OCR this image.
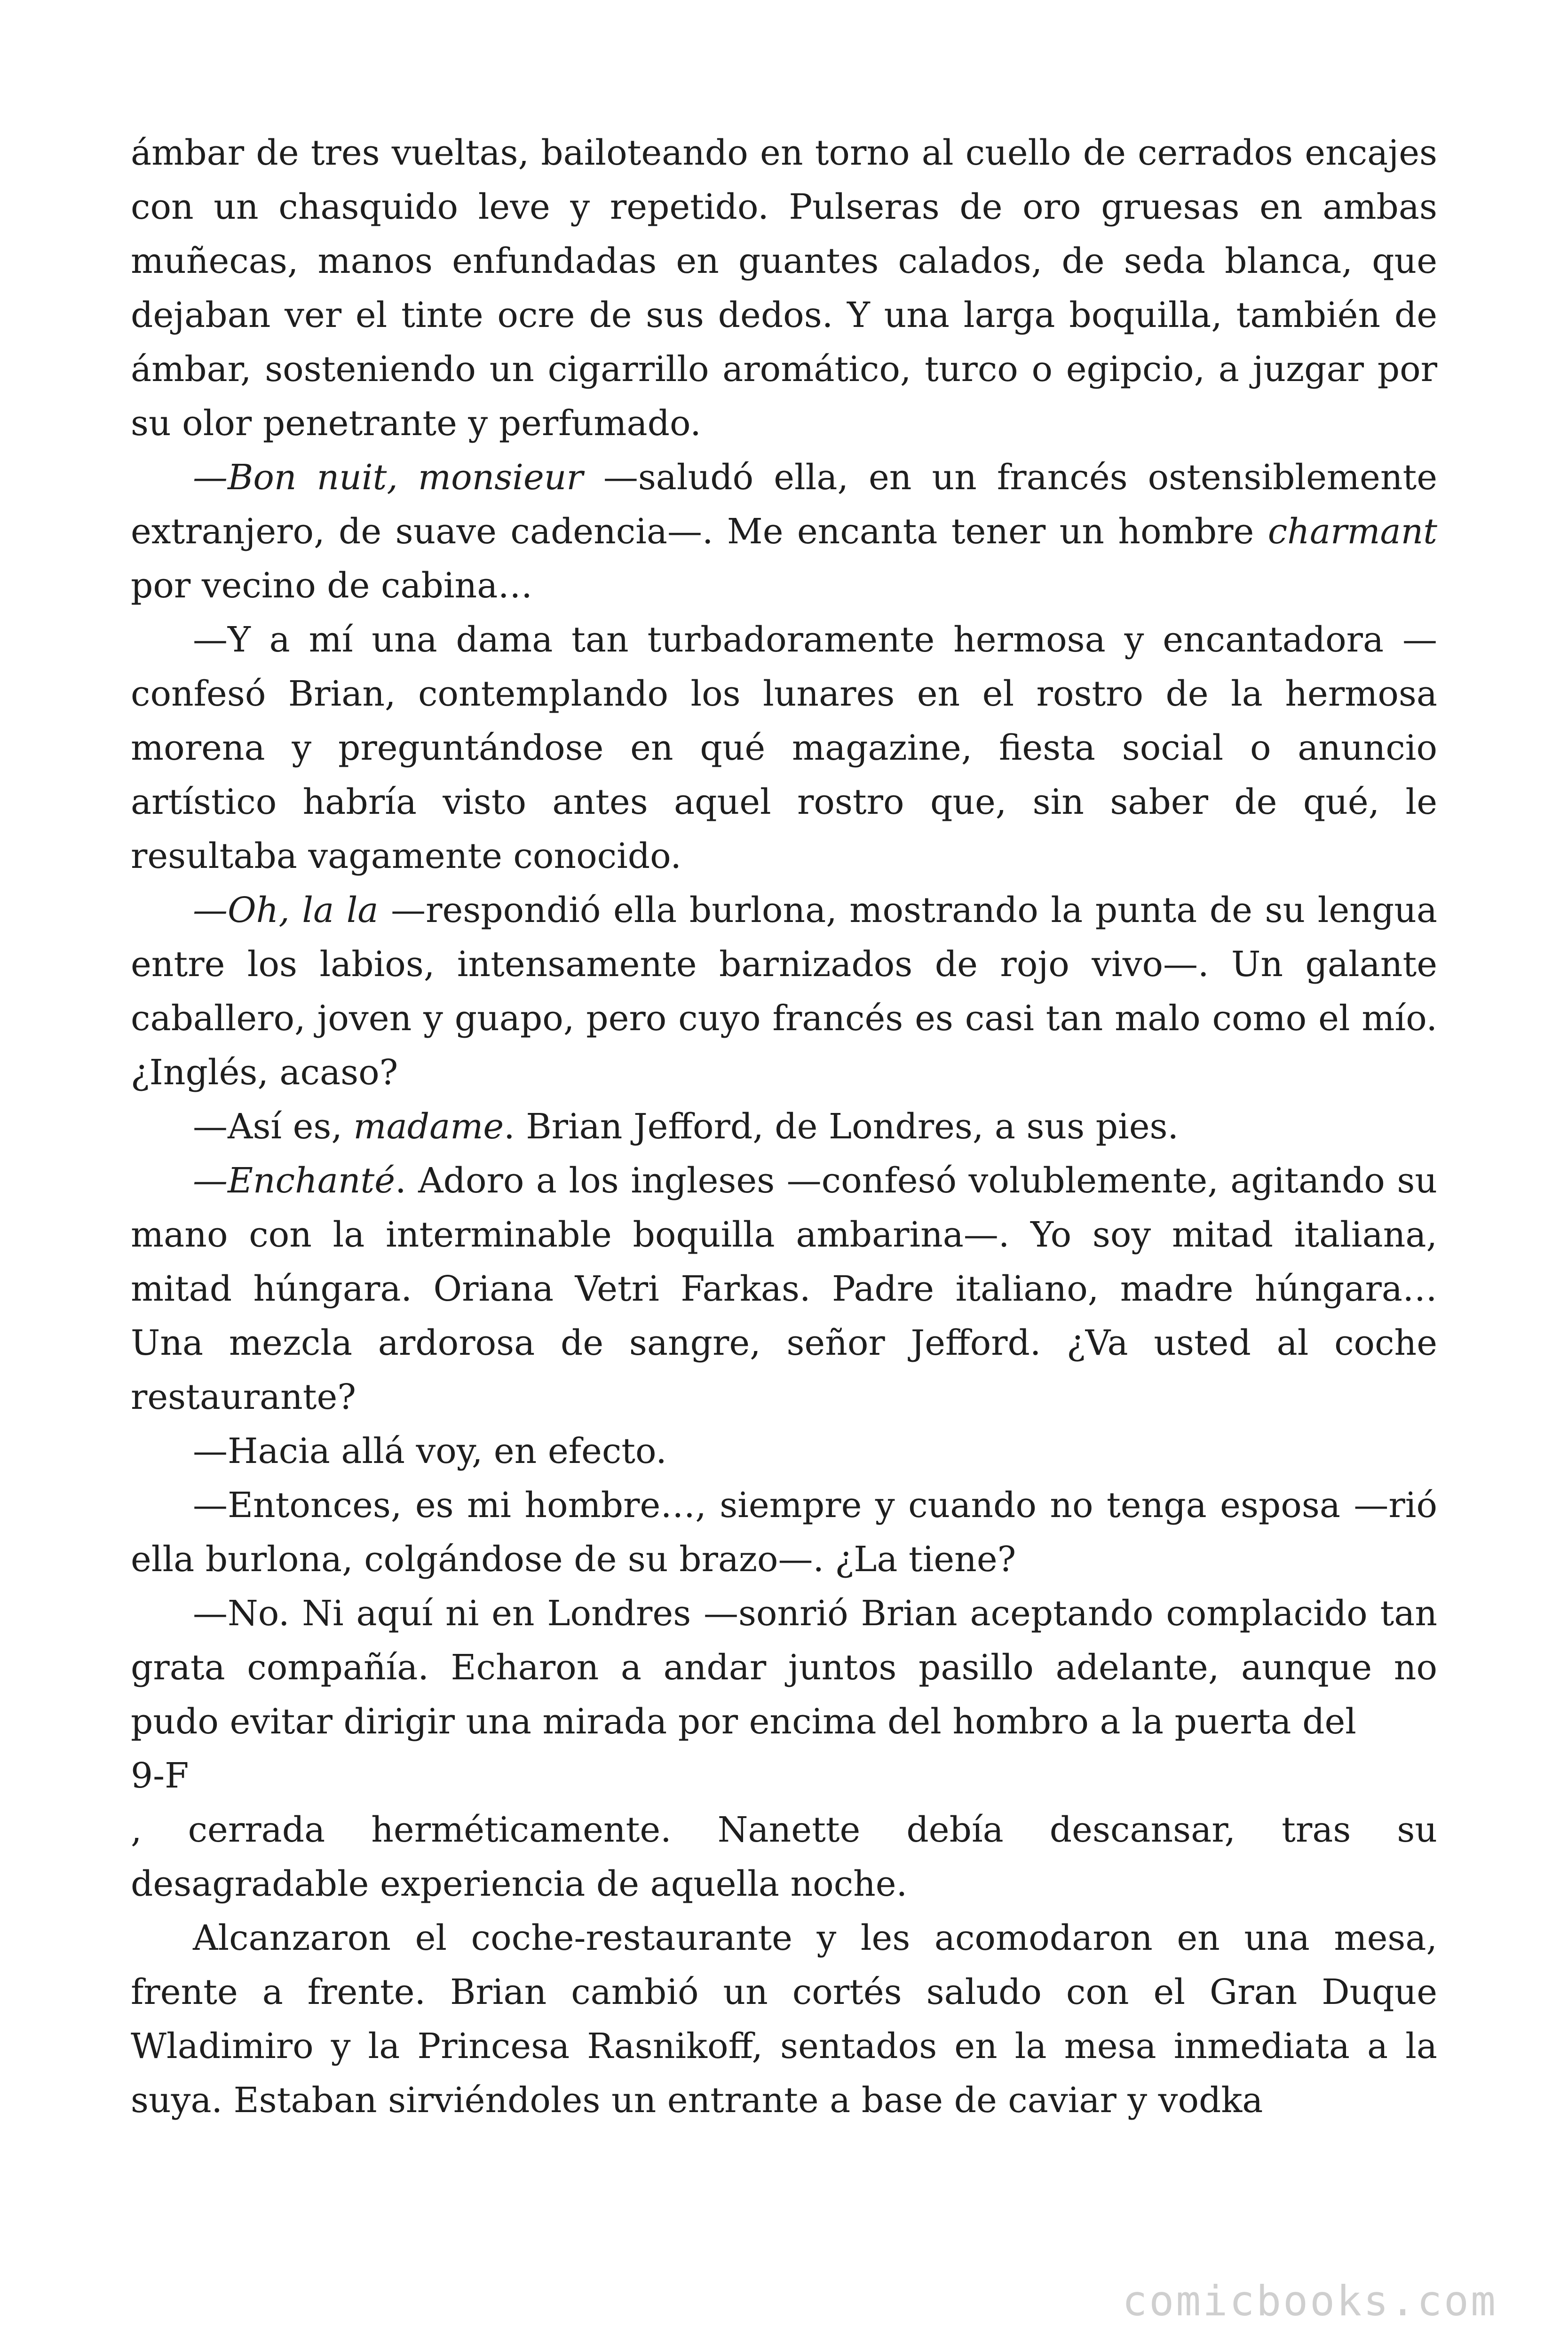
ámbar de tres vueltas, bailoteando en torno al cuello de cerrados encajes con un chasquido leve y repetido. Pulseras de oro gruesas en ambas muñecas, manos enfundadas en guantes calados, de seda blanca, que dejaban ver el tinte ocre de sus dedos. Y una larga boquilla, también de ámbar, sosteniendo un cigarrillo aromático, turco o egipcio, a juzgar por su olor penetrante y perfumado.

—Bon nuit, monsieur —saludó ella, en un francés ostensiblemente extranjero, de suave cadencia—. Me encanta tener un hombre charmant por vecino de cabina…

—Y a mí una dama tan turbadoramente hermosa y encantadora —confesó Brian, contemplando los lunares en el rostro de la hermosa morena y preguntándose en qué magazine, fiesta social o anuncio artístico habría visto antes aquel rostro que, sin saber de qué, le resultaba vagamente conocido.

—Oh, la la —respondió ella burlona, mostrando la punta de su lengua entre los labios, intensamente barnizados de rojo vivo—. Un galante caballero, joven y guapo, pero cuyo francés es casi tan malo como el mío. ¿Inglés, acaso?

—Así es, madame. Brian Jefford, de Londres, a sus pies.

—Enchanté. Adoro a los ingleses —confesó volublemente, agitando su mano con la interminable boquilla ambarina—. Yo soy mitad italiana, mitad húngara. Oriana Vetri Farkas. Padre italiano, madre húngara… Una mezcla ardorosa de sangre, señor Jefford. ¿Va usted al coche restaurante?

—Hacia allá voy, en efecto.

—Entonces, es mi hombre…, siempre y cuando no tenga esposa —rió ella burlona, colgándose de su brazo—. ¿La tiene?

—No. Ni aquí ni en Londres —sonrió Brian aceptando complacido tan grata compañía. Echaron a andar juntos pasillo adelante, aunque no pudo evitar dirigir una mirada por encima del hombro a la puerta del

9-F

, cerrada herméticamente. Nanette debía descansar, tras su desagradable experiencia de aquella noche.

Alcanzaron el coche-restaurante y les acomodaron en una mesa, frente a frente. Brian cambió un cortés saludo con el Gran Duque Wladimiro y la Princesa Rasnikoff, sentados en la mesa inmediata a la suya. Estaban sirviéndoles un entrante a base de caviar y vodka

comicbooks.com
